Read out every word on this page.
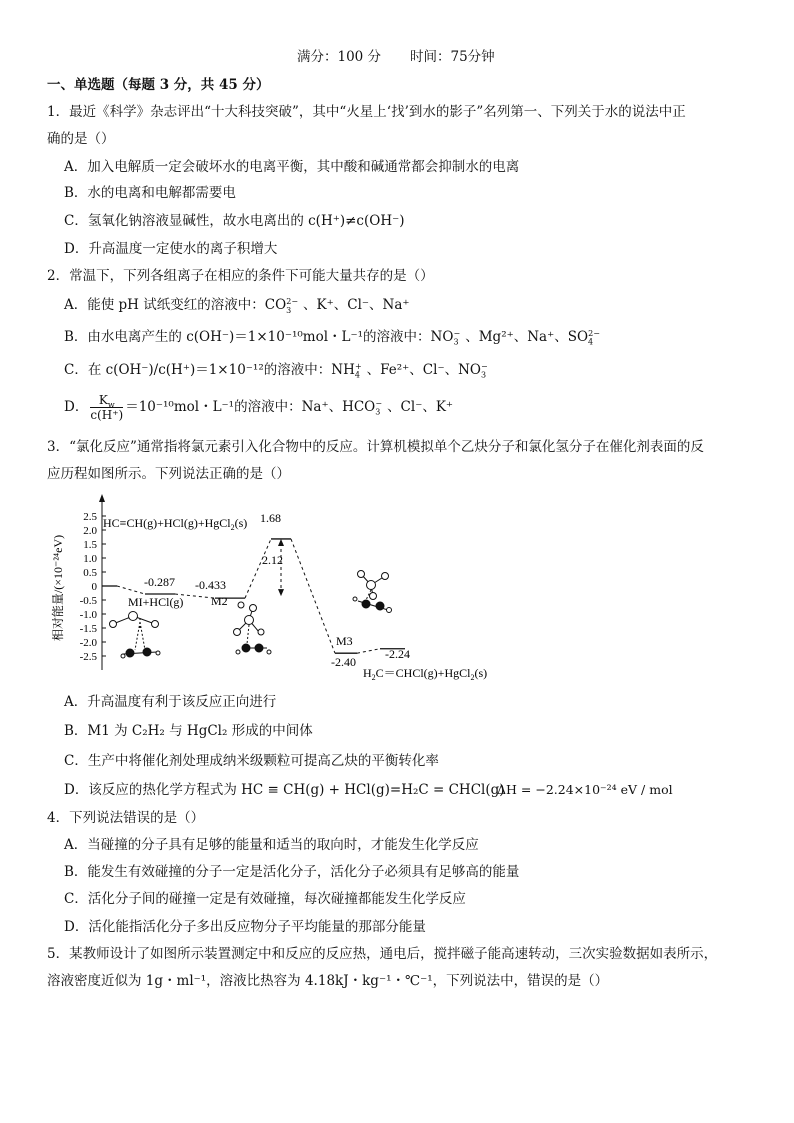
满分：100 分 时间：75分钟
一、单选题（每题 3 分，共 45 分）
1．最近《科学》杂志评出“十大科技突破”，其中“火星上‘找’到水的影子”名列第一、下列关于水的说法中正
确的是（）
A．加入电解质一定会破坏水的电离平衡，其中酸和碱通常都会抑制水的电离
B．水的电离和电解都需要电
C．氢氧化钠溶液显碱性，故水电离出的 c(H⁺)≠c(OH⁻)
D．升高温度一定使水的离子积增大
2．常温下，下列各组离子在相应的条件下可能大量共存的是（）
A．能使 pH 试纸变红的溶液中：$CO_3^{2-}$ 、K⁺、Cl⁻、Na⁺
B．由水电离产生的 c(OH⁻)＝1×10⁻¹⁰mol・L⁻¹的溶液中：$NO_3^-$ 、Mg²⁺、Na⁺、$SO_4^{2-}$
C．在 c(OH⁻)/c(H⁺)＝1×10⁻¹²的溶液中：$NH_4^+$ 、Fe²⁺、Cl⁻、$NO_3^-$
D． $\frac{K_w}{c(H^+)} =10^{-10}mol$・L⁻¹的溶液中：Na⁺、$HCO_3^-$ 、Cl⁻、K⁺
3．“氯化反应”通常指将氯元素引入化合物中的反应。计算机模拟单个乙炔分子和氯化氢分子在催化剂表面的反
应历程如图所示。下列说法正确的是（）
相对能量/(×10⁻²⁴eV)
2.5
2.0
1.5
1.0
0.5
0
-0.5
-1.0
-1.5
-2.0
-2.5
HC≡CH(g)+HCl(g)+HgCl$_2$(s) 1.68
2.12
-0.287 -0.433
-2.40
-2.24
MI+HCl(g) M2
M3
$H_2C=CHCl(g)+HgCl_2(s)$
A．升高温度有利于该反应正向进行
B．M1 为 C₂H₂ 与 HgCl₂ 形成的中间体
C．生产中将催化剂处理成纳米级颗粒可提高乙炔的平衡转化率
D．该反应的热化学方程式为 HC ≡ CH(g) + HCl(g)=H₂C = CHCl(g)
ΔH = −2.24×10⁻²⁴ eV / mol
4．下列说法错误的是（）
A．当碰撞的分子具有足够的能量和适当的取向时，才能发生化学反应
B．能发生有效碰撞的分子一定是活化分子，活化分子必须具有足够高的能量
C．活化分子间的碰撞一定是有效碰撞，每次碰撞都能发生化学反应
D．活化能指活化分子多出反应物分子平均能量的那部分能量
5．某教师设计了如图所示装置测定中和反应的反应热，通电后，搅拌磁子能高速转动，三次实验数据如表所示，
溶液密度近似为 1g・ml⁻¹，溶液比热容为 4.18kJ・kg⁻¹・℃⁻¹，下列说法中，错误的是（）
